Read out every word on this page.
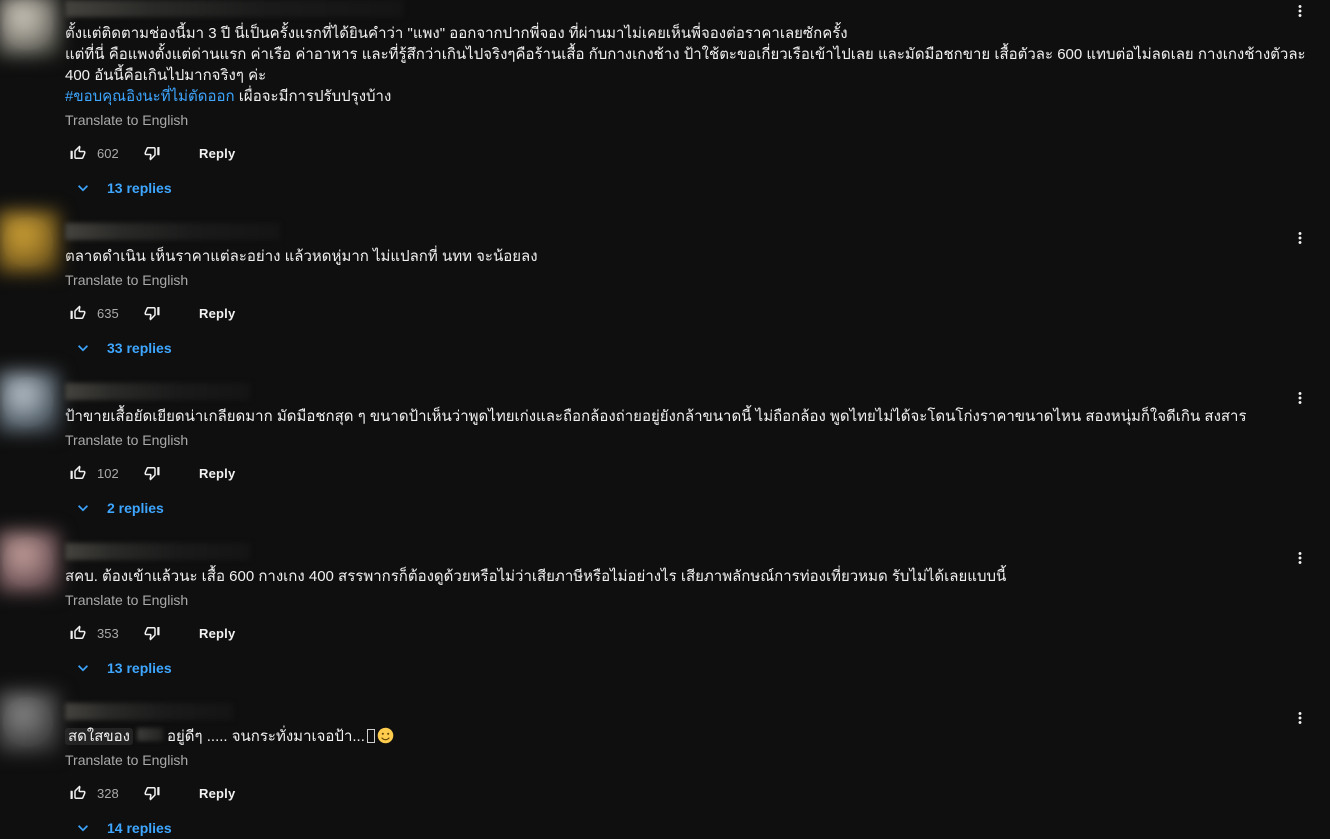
ตั้งแต่ติดตามช่องนี้มา 3 ปี นี่เป็นครั้งแรกที่ได้ยินคำว่า "แพง" ออกจากปากพี่จอง ที่ผ่านมาไม่เคยเห็นพี่จองต่อราคาเลยซักครั้ง
แต่ที่นี่ คือแพงตั้งแต่ด่านแรก ค่าเรือ ค่าอาหาร และที่รู้สึกว่าเกินไปจริงๆคือร้านเสื้อ กับกางเกงช้าง ป้าใช้ตะขอเกี่ยวเรือเข้าไปเลย และมัดมือชกขาย เสื้อตัวละ 600 แทบต่อไม่ลดเลย กางเกงช้างตัวละ 400 อันนี้คือเกินไปมากจริงๆ ค่ะ
#ขอบคุณอิงนะที่ไม่ตัดออก เผื่อจะมีการปรับปรุงบ้าง
Translate to English
602	Reply
13 replies
ตลาดดำเนิน เห็นราคาแต่ละอย่าง แล้วหดหู่มาก ไม่แปลกที่ นทท จะน้อยลง
Translate to English
635	Reply
33 replies
ป้าขายเสื้อยัดเยียดน่าเกลียดมาก มัดมือชกสุด ๆ ขนาดป้าเห็นว่าพูดไทยเก่งและถือกล้องถ่ายอยู่ยังกล้าขนาดนี้ ไม่ถือกล้อง พูดไทยไม่ได้จะโดนโก่งราคาขนาดไหน สองหนุ่มก็ใจดีเกิน สงสาร
Translate to English
102	Reply
2 replies
สคบ. ต้องเข้าแล้วนะ เสื้อ 600 กางเกง 400 สรรพากรก็ต้องดูด้วยหรือไม่ว่าเสียภาษีหรือไม่อย่างไร เสียภาพลักษณ์การท่องเที่ยวหมด รับไม่ได้เลยแบบนี้
Translate to English
353	Reply
13 replies
สดใสของ อยู่ดีๆ ..... จนกระทั่งมาเจอป้า...
Translate to English
328	Reply
14 replies
